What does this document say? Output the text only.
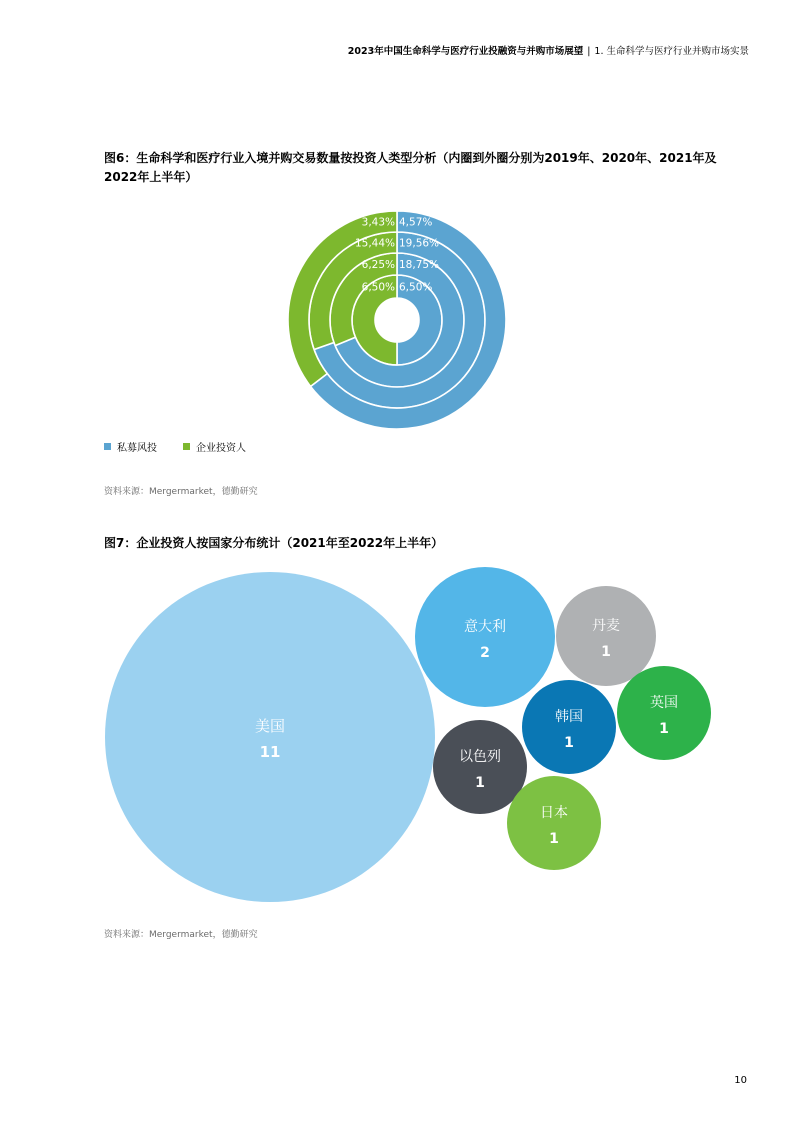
2023年中国生命科学与医疗行业投融资与并购市场展望 | 1. 生命科学与医疗行业并购市场实景
图6：生命科学和医疗行业入境并购交易数量按投资人类型分析（内圈到外圈分别为2019年、2020年、2021年及2022年上半年）
6,50% 6,50%
6,25% 18,75%
15,44% 19,56%
3,43% 4,57%
私募风投	企业投资人
资料来源：Mergermarket，德勤研究
图7：企业投资人按国家分布统计（2021年至2022年上半年）
美国
11
意大利
2
丹麦
1
韩国
1
英国
1
以色列
1
日本
1
资料来源：Mergermarket，德勤研究
10
